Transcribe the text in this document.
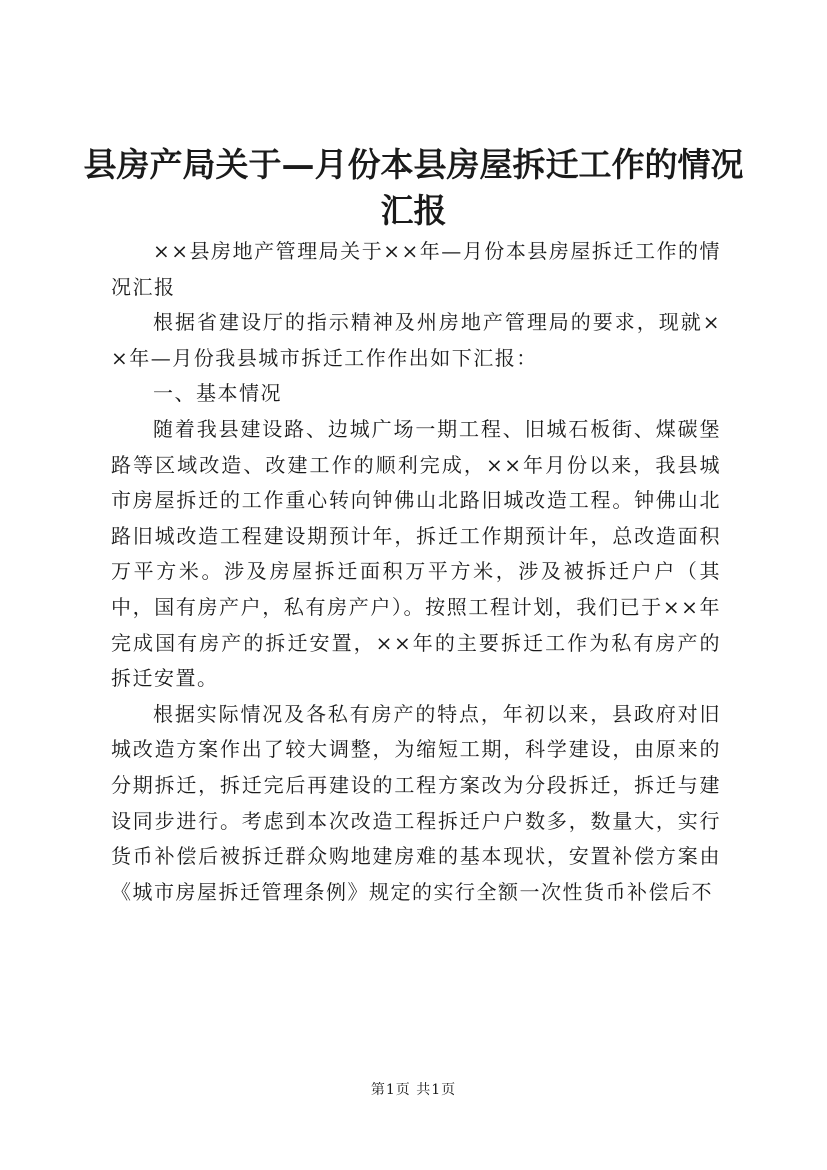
县房产局关于—月份本县房屋拆迁工作的情况
汇报

××县房地产管理局关于××年—月份本县房屋拆迁工作的情况汇报

根据省建设厅的指示精神及州房地产管理局的要求，现就××年—月份我县城市拆迁工作作出如下汇报：

一、基本情况

随着我县建设路、边城广场一期工程、旧城石板街、煤碳堡路等区域改造、改建工作的顺利完成，××年月份以来，我县城市房屋拆迁的工作重心转向钟佛山北路旧城改造工程。钟佛山北路旧城改造工程建设期预计年，拆迁工作期预计年，总改造面积万平方米。涉及房屋拆迁面积万平方米，涉及被拆迁户户（其中，国有房产户，私有房产户）。按照工程计划，我们已于××年完成国有房产的拆迁安置，××年的主要拆迁工作为私有房产的拆迁安置。

根据实际情况及各私有房产的特点，年初以来，县政府对旧城改造方案作出了较大调整，为缩短工期，科学建设，由原来的分期拆迁，拆迁完后再建设的工程方案改为分段拆迁，拆迁与建设同步进行。考虑到本次改造工程拆迁户户数多，数量大，实行货币补偿后被拆迁群众购地建房难的基本现状，安置补偿方案由《城市房屋拆迁管理条例》规定的实行全额一次性货币补偿后不

第1页 共1页
